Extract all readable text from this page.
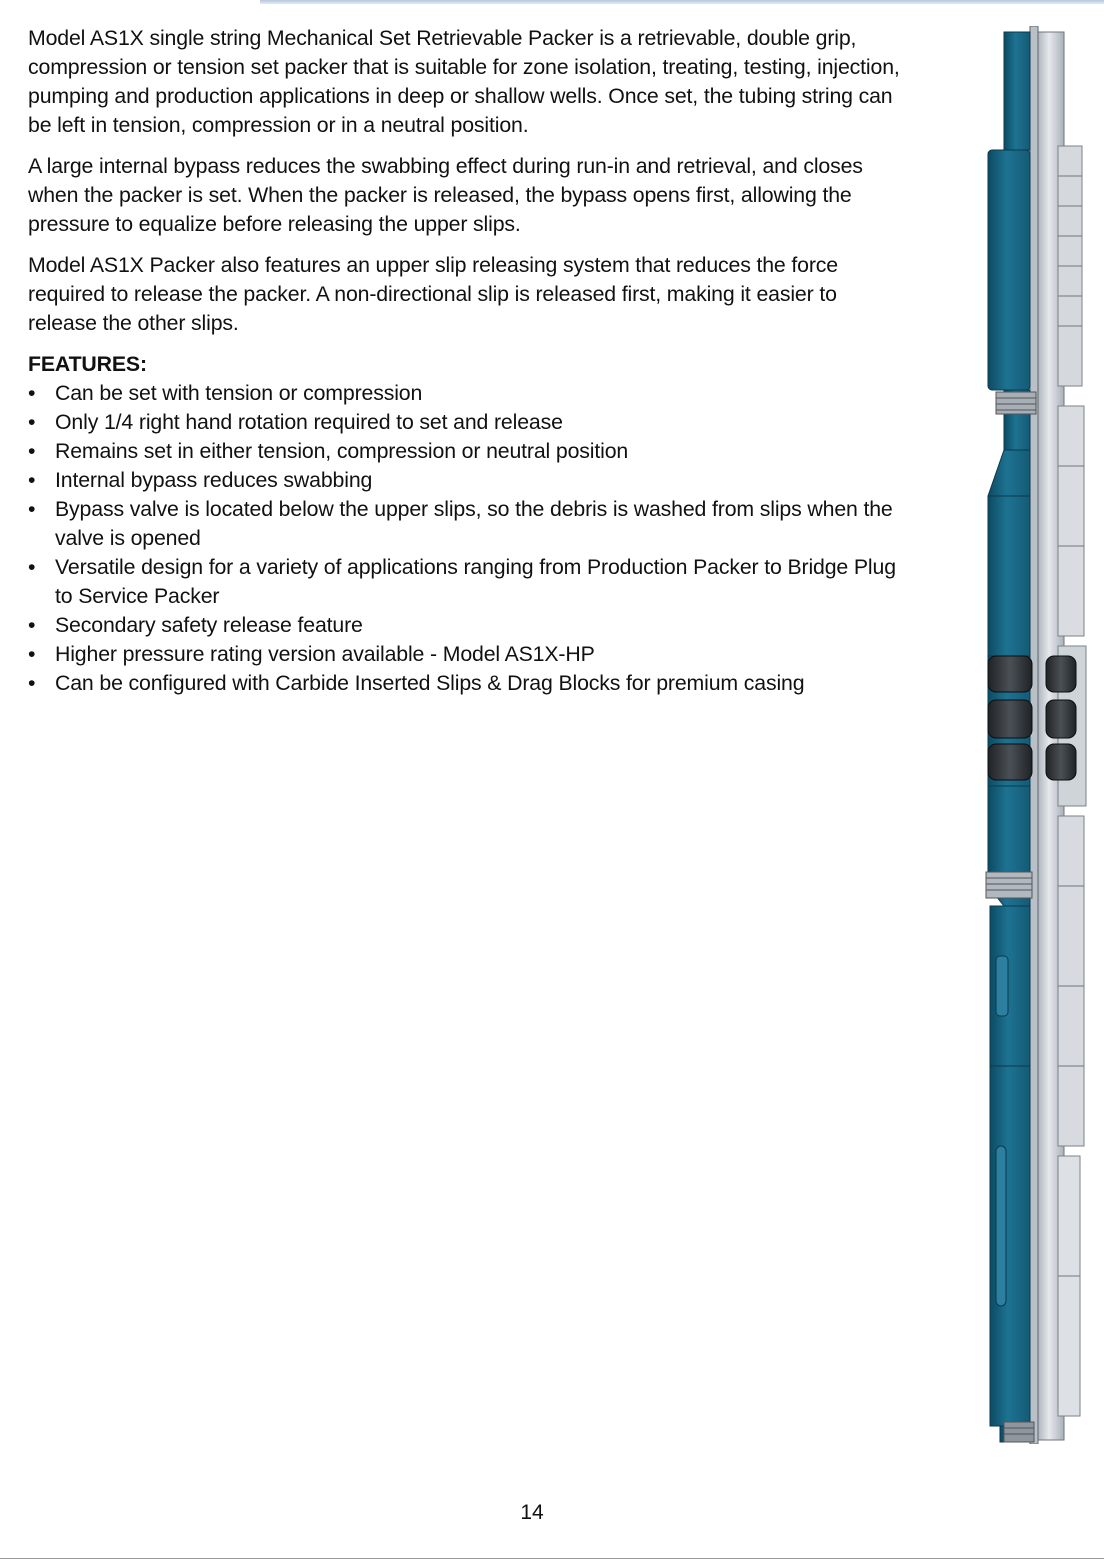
Model AS1X single string Mechanical Set Retrievable Packer is a retrievable, double grip, compression or tension set packer that is suitable for zone isolation, treating, testing, injection, pumping and production applications in deep or shallow wells. Once set, the tubing string can be left in tension, compression or in a neutral position.

A large internal bypass reduces the swabbing effect during run-in and retrieval, and closes when the packer is set. When the packer is released, the bypass opens first, allowing the pressure to equalize before releasing the upper slips.

Model AS1X Packer also features an upper slip releasing system that reduces the force required to release the packer. A non-directional slip is released first, making it easier to release the other slips.

FEATURES:
• Can be set with tension or compression
• Only 1/4 right hand rotation required to set and release
• Remains set in either tension, compression or neutral position
• Internal bypass reduces swabbing
• Bypass valve is located below the upper slips, so the debris is washed from slips when the valve is opened
• Versatile design for a variety of applications ranging from Production Packer to Bridge Plug to Service Packer
• Secondary safety release feature
• Higher pressure rating version available - Model AS1X-HP
• Can be configured with Carbide Inserted Slips & Drag Blocks for premium casing
14
